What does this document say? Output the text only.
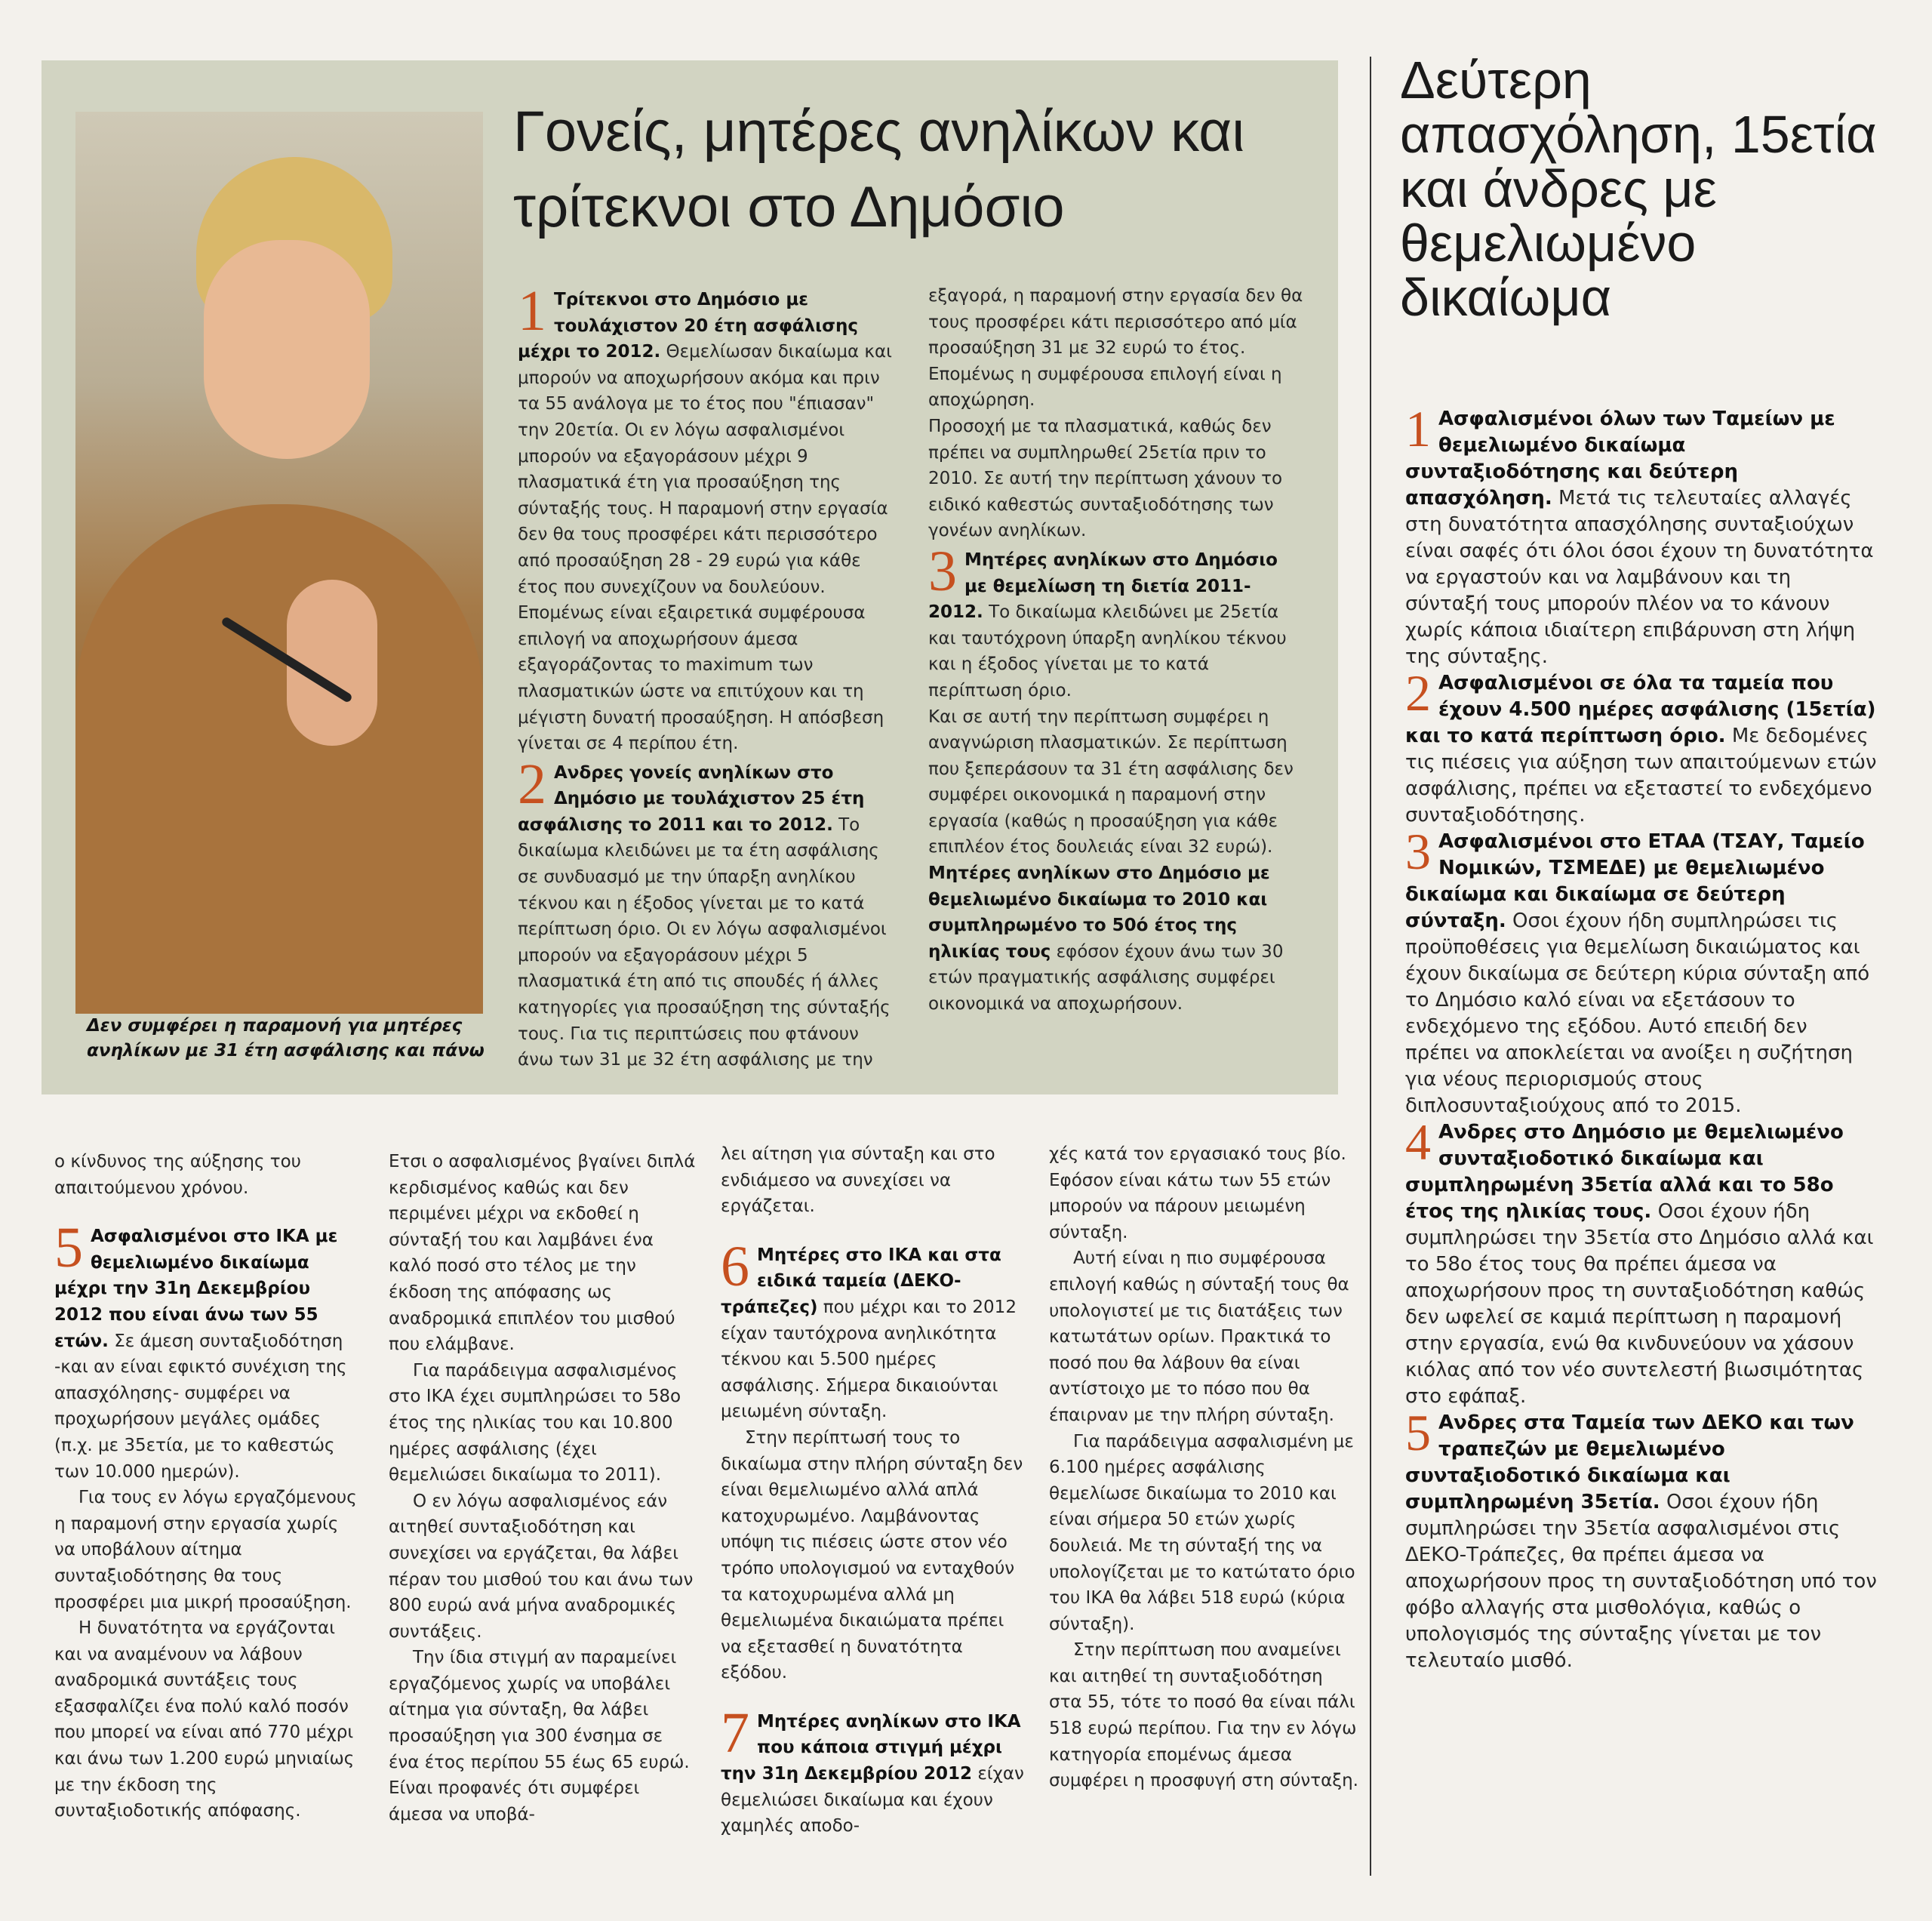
Δεν συμφέρει η παραμονή για μητέρες ανηλίκων με 31 έτη ασφάλισης και πάνω
Γονείς, μητέρες ανηλίκων και τρίτεκνοι στο Δημόσιο

1 Τρίτεκνοι στο Δημόσιο με τουλάχιστον 20 έτη ασφάλισης μέχρι το 2012. Θεμελίωσαν δικαίωμα και μπορούν να αποχωρήσουν ακόμα και πριν τα 55 ανάλογα με το έτος που "έπιασαν" την 20ετία. Οι εν λόγω ασφαλισμένοι μπορούν να εξαγοράσουν μέχρι 9 πλασματικά έτη για προσαύξηση της σύνταξής τους. Η παραμονή στην εργασία δεν θα τους προσφέρει κάτι περισσότερο από προσαύξηση 28 - 29 ευρώ για κάθε έτος που συνεχίζουν να δουλεύουν. Επομένως είναι εξαιρετικά συμφέρουσα επιλογή να αποχωρήσουν άμεσα εξαγοράζοντας το maximum των πλασματικών ώστε να επιτύχουν και τη μέγιστη δυνατή προσαύξηση. Η απόσβεση γίνεται σε 4 περίπου έτη.

2 Ανδρες γονείς ανηλίκων στο Δημόσιο με τουλάχιστον 25 έτη ασφάλισης το 2011 και το 2012. Το δικαίωμα κλειδώνει με τα έτη ασφάλισης σε συνδυασμό με την ύπαρξη ανηλίκου τέκνου και η έξοδος γίνεται με το κατά περίπτωση όριο. Οι εν λόγω ασφαλισμένοι μπορούν να εξαγοράσουν μέχρι 5 πλασματικά έτη από τις σπουδές ή άλλες κατηγορίες για προσαύξηση της σύνταξής τους. Για τις περιπτώσεις που φτάνουν άνω των 31 με 32 έτη ασφάλισης με την

εξαγορά, η παραμονή στην εργασία δεν θα τους προσφέρει κάτι περισσότερο από μία προσαύξηση 31 με 32 ευρώ το έτος. Επομένως η συμφέρουσα επιλογή είναι η αποχώρηση.

Προσοχή με τα πλασματικά, καθώς δεν πρέπει να συμπληρωθεί 25ετία πριν το 2010. Σε αυτή την περίπτωση χάνουν το ειδικό καθεστώς συνταξιοδότησης των γονέων ανηλίκων.

3 Μητέρες ανηλίκων στο Δημόσιο με θεμελίωση τη διετία 2011-2012. Το δικαίωμα κλειδώνει με 25ετία και ταυτόχρονη ύπαρξη ανηλίκου τέκνου και η έξοδος γίνεται με το κατά περίπτωση όριο.

Και σε αυτή την περίπτωση συμφέρει η αναγνώριση πλασματικών. Σε περίπτωση που ξεπεράσουν τα 31 έτη ασφάλισης δεν συμφέρει οικονομικά η παραμονή στην εργασία (καθώς η προσαύξηση για κάθε επιπλέον έτος δουλειάς είναι 32 ευρώ).

Μητέρες ανηλίκων στο Δημόσιο με θεμελιωμένο δικαίωμα το 2010 και συμπληρωμένο το 50ό έτος της ηλικίας τους εφόσον έχουν άνω των 30 ετών πραγματικής ασφάλισης συμφέρει οικονομικά να αποχωρήσουν.

ο κίνδυνος της αύξησης του απαιτούμενου χρόνου.

5 Ασφαλισμένοι στο ΙΚΑ με θεμελιωμένο δικαίωμα μέχρι την 31η Δεκεμβρίου 2012 που είναι άνω των 55 ετών. Σε άμεση συνταξιοδότηση -και αν είναι εφικτό συνέχιση της απασχόλησης- συμφέρει να προχωρήσουν μεγάλες ομάδες (π.χ. με 35ετία, με το καθεστώς των 10.000 ημερών).

Για τους εν λόγω εργαζόμενους η παραμονή στην εργασία χωρίς να υποβάλουν αίτημα συνταξιοδότησης θα τους προσφέρει μια μικρή προσαύξηση.

Η δυνατότητα να εργάζονται και να αναμένουν να λάβουν αναδρομικά συντάξεις τους εξασφαλίζει ένα πολύ καλό ποσόν που μπορεί να είναι από 770 μέχρι και άνω των 1.200 ευρώ μηνιαίως με την έκδοση της συνταξιοδοτικής απόφασης.

Ετσι ο ασφαλισμένος βγαίνει διπλά κερδισμένος καθώς και δεν περιμένει μέχρι να εκδοθεί η σύνταξή του και λαμβάνει ένα καλό ποσό στο τέλος με την έκδοση της απόφασης ως αναδρομικά επιπλέον του μισθού που ελάμβανε.

Για παράδειγμα ασφαλισμένος στο ΙΚΑ έχει συμπληρώσει το 58ο έτος της ηλικίας του και 10.800 ημέρες ασφάλισης (έχει θεμελιώσει δικαίωμα το 2011).

Ο εν λόγω ασφαλισμένος εάν αιτηθεί συνταξιοδότηση και συνεχίσει να εργάζεται, θα λάβει πέραν του μισθού του και άνω των 800 ευρώ ανά μήνα αναδρομικές συντάξεις.

Την ίδια στιγμή αν παραμείνει εργαζόμενος χωρίς να υποβάλει αίτημα για σύνταξη, θα λάβει προσαύξηση για 300 ένσημα σε ένα έτος περίπου 55 έως 65 ευρώ. Είναι προφανές ότι συμφέρει άμεσα να υποβά-

λει αίτηση για σύνταξη και στο ενδιάμεσο να συνεχίσει να εργάζεται.

6 Μητέρες στο ΙΚΑ και στα ειδικά ταμεία (ΔΕΚΟ-τράπεζες) που μέχρι και το 2012 είχαν ταυτόχρονα ανηλικότητα τέκνου και 5.500 ημέρες ασφάλισης. Σήμερα δικαιούνται μειωμένη σύνταξη.

Στην περίπτωσή τους το δικαίωμα στην πλήρη σύνταξη δεν είναι θεμελιωμένο αλλά απλά κατοχυρωμένο. Λαμβάνοντας υπόψη τις πιέσεις ώστε στον νέο τρόπο υπολογισμού να ενταχθούν τα κατοχυρωμένα αλλά μη θεμελιωμένα δικαιώματα πρέπει να εξετασθεί η δυνατότητα εξόδου.

7 Μητέρες ανηλίκων στο ΙΚΑ που κάποια στιγμή μέχρι την 31η Δεκεμβρίου 2012 είχαν θεμελιώσει δικαίωμα και έχουν χαμηλές αποδο-

χές κατά τον εργασιακό τους βίο. Εφόσον είναι κάτω των 55 ετών μπορούν να πάρουν μειωμένη σύνταξη.

Αυτή είναι η πιο συμφέρουσα επιλογή καθώς η σύνταξή τους θα υπολογιστεί με τις διατάξεις των κατωτάτων ορίων. Πρακτικά το ποσό που θα λάβουν θα είναι αντίστοιχο με το πόσο που θα έπαιρναν με την πλήρη σύνταξη.

Για παράδειγμα ασφαλισμένη με 6.100 ημέρες ασφάλισης θεμελίωσε δικαίωμα το 2010 και είναι σήμερα 50 ετών χωρίς δουλειά. Με τη σύνταξή της να υπολογίζεται με το κατώτατο όριο του ΙΚΑ θα λάβει 518 ευρώ (κύρια σύνταξη).

Στην περίπτωση που αναμείνει και αιτηθεί τη συνταξιοδότηση στα 55, τότε το ποσό θα είναι πάλι 518 ευρώ περίπου. Για την εν λόγω κατηγορία επομένως άμεσα συμφέρει η προσφυγή στη σύνταξη.

Δεύτερη απασχόληση, 15ετία και άνδρες με θεμελιωμένο δικαίωμα

1 Ασφαλισμένοι όλων των Ταμείων με θεμελιωμένο δικαίωμα συνταξιοδότησης και δεύτερη απασχόληση. Μετά τις τελευταίες αλλαγές στη δυνατότητα απασχόλησης συνταξιούχων είναι σαφές ότι όλοι όσοι έχουν τη δυνατότητα να εργαστούν και να λαμβάνουν και τη σύνταξή τους μπορούν πλέον να το κάνουν χωρίς κάποια ιδιαίτερη επιβάρυνση στη λήψη της σύνταξης.

2 Ασφαλισμένοι σε όλα τα ταμεία που έχουν 4.500 ημέρες ασφάλισης (15ετία) και το κατά περίπτωση όριο. Με δεδομένες τις πιέσεις για αύξηση των απαιτούμενων ετών ασφάλισης, πρέπει να εξεταστεί το ενδεχόμενο συνταξιοδότησης.

3 Ασφαλισμένοι στο ΕΤΑΑ (ΤΣΑΥ, Ταμείο Νομικών, ΤΣΜΕΔΕ) με θεμελιωμένο δικαίωμα και δικαίωμα σε δεύτερη σύνταξη. Οσοι έχουν ήδη συμπληρώσει τις προϋποθέσεις για θεμελίωση δικαιώματος και έχουν δικαίωμα σε δεύτερη κύρια σύνταξη από το Δημόσιο καλό είναι να εξετάσουν το ενδεχόμενο της εξόδου. Αυτό επειδή δεν πρέπει να αποκλείεται να ανοίξει η συζήτηση για νέους περιορισμούς στους διπλοσυνταξιούχους από το 2015.

4 Ανδρες στο Δημόσιο με θεμελιωμένο συνταξιοδοτικό δικαίωμα και συμπληρωμένη 35ετία αλλά και το 58ο έτος της ηλικίας τους. Οσοι έχουν ήδη συμπληρώσει την 35ετία στο Δημόσιο αλλά και το 58ο έτος τους θα πρέπει άμεσα να αποχωρήσουν προς τη συνταξιοδότηση καθώς δεν ωφελεί σε καμιά περίπτωση η παραμονή στην εργασία, ενώ θα κινδυνεύουν να χάσουν κιόλας από τον νέο συντελεστή βιωσιμότητας στο εφάπαξ.

5 Ανδρες στα Ταμεία των ΔΕΚΟ και των τραπεζών με θεμελιωμένο συνταξιοδοτικό δικαίωμα και συμπληρωμένη 35ετία. Οσοι έχουν ήδη συμπληρώσει την 35ετία ασφαλισμένοι στις ΔΕΚΟ-Τράπεζες, θα πρέπει άμεσα να αποχωρήσουν προς τη συνταξιοδότηση υπό τον φόβο αλλαγής στα μισθολόγια, καθώς ο υπολογισμός της σύνταξης γίνεται με τον τελευταίο μισθό.
